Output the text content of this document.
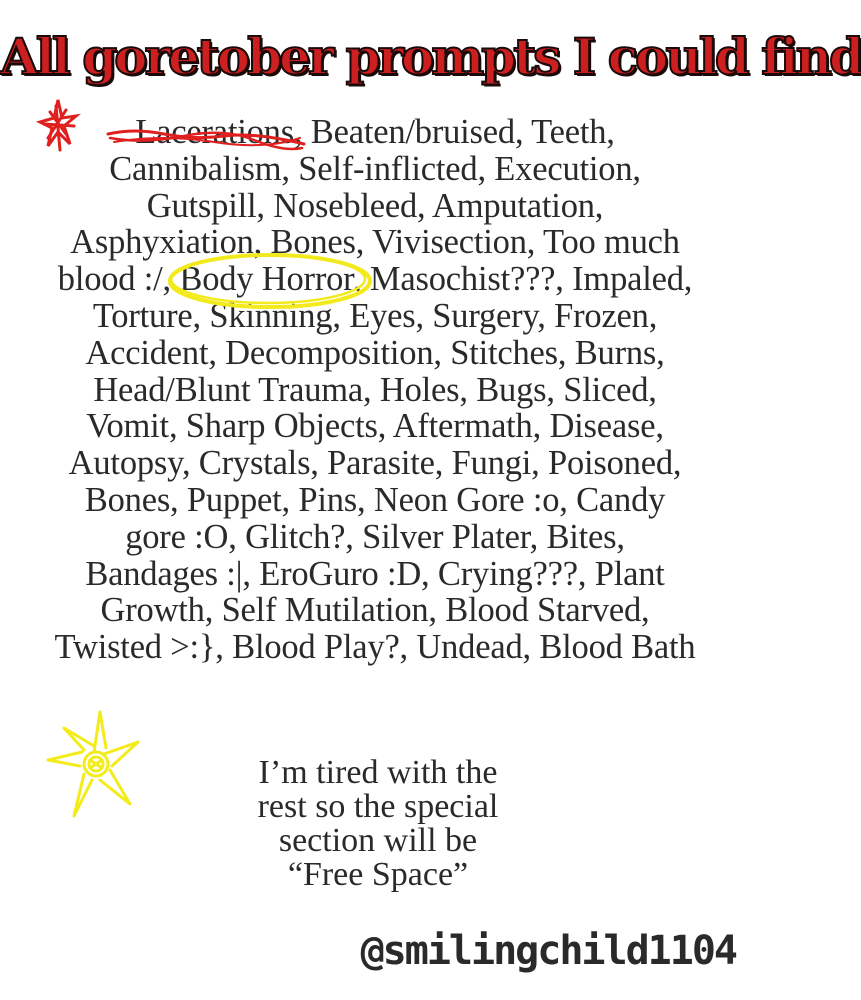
All goretober prompts I could find
Lacerations, Beaten/bruised, Teeth,
Cannibalism, Self-inflicted, Execution,
Gutspill, Nosebleed, Amputation,
Asphyxiation, Bones, Vivisection, Too much
blood :/, Body Horror, Masochist???, Impaled,
Torture, Skinning, Eyes, Surgery, Frozen,
Accident, Decomposition, Stitches, Burns,
Head/Blunt Trauma, Holes, Bugs, Sliced,
Vomit, Sharp Objects, Aftermath, Disease,
Autopsy, Crystals, Parasite, Fungi, Poisoned,
Bones, Puppet, Pins, Neon Gore :o, Candy
gore :O, Glitch?, Silver Plater, Bites,
Bandages :|, EroGuro :D, Crying???, Plant
Growth, Self Mutilation, Blood Starved,
Twisted >:}, Blood Play?, Undead, Blood Bath
I’m tired with the
rest so the special
section will be
“Free Space”
@smilingchild1104
